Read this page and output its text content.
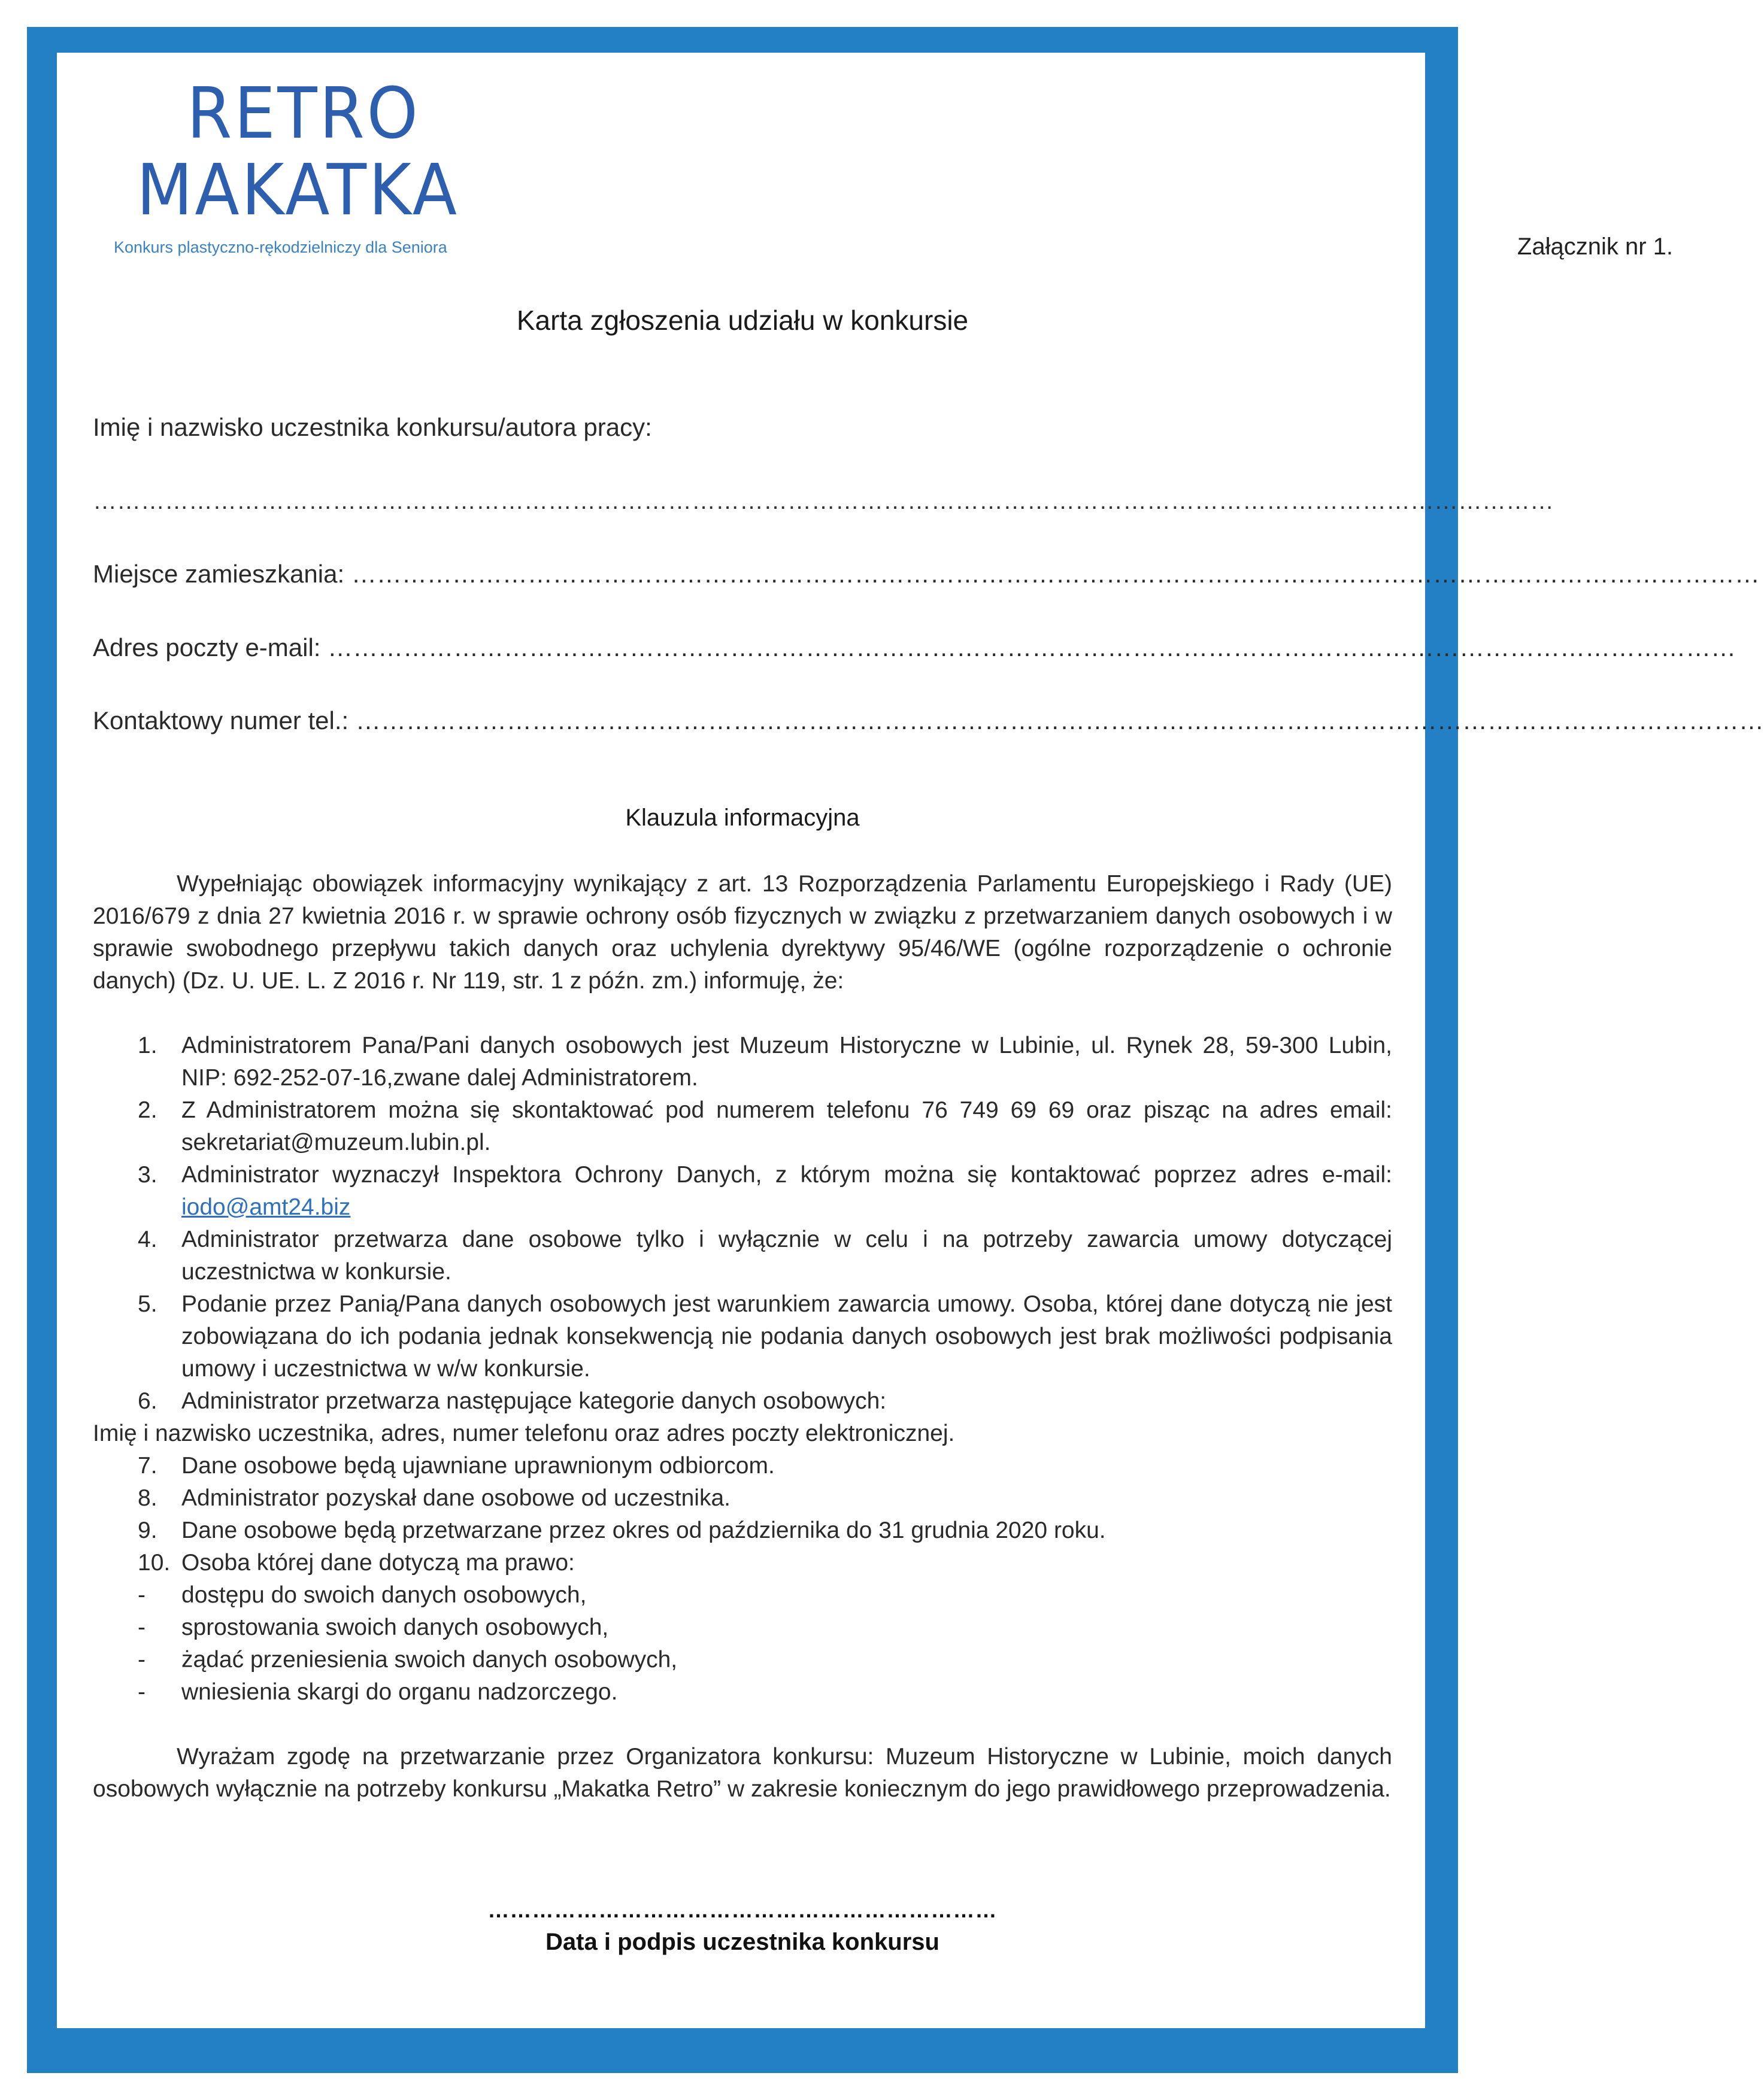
RETRO
MAKATKA
Konkurs plastyczno-rękodzielniczy dla Seniora	Załącznik nr 1.
Karta zgłoszenia udziału w konkursie
Imię i nazwisko uczestnika konkursu/autora pracy:
…………………………………………………………………………………………………………………………………………………………………
Miejsce zamieszkania: ……………………………………………………………………………………………………………………………………………………
Adres poczty e-mail: ……………………………………………………………………………………………………………………………………………………
Kontaktowy numer tel.: ……………………………………………………………………………………………………………………………………………………
Klauzula informacyjna
Wypełniając obowiązek informacyjny wynikający z art. 13 Rozporządzenia Parlamentu Europejskiego i Rady (UE) 2016/679 z dnia 27 kwietnia 2016 r. w sprawie ochrony osób fizycznych w związku z przetwarzaniem danych osobowych i w sprawie swobodnego przepływu takich danych oraz uchylenia dyrektywy 95/46/WE (ogólne rozporządzenie o ochronie danych) (Dz. U. UE. L. Z 2016 r. Nr 119, str. 1 z późn. zm.) informuję, że:
1. Administratorem Pana/Pani danych osobowych jest Muzeum Historyczne w Lubinie, ul. Rynek 28, 59-300 Lubin, NIP: 692-252-07-16,zwane dalej Administratorem.
2. Z Administratorem można się skontaktować pod numerem telefonu 76 749 69 69 oraz pisząc na adres email: sekretariat@muzeum.lubin.pl.
3. Administrator wyznaczył Inspektora Ochrony Danych, z którym można się kontaktować poprzez adres e-mail: iodo@amt24.biz
4. Administrator przetwarza dane osobowe tylko i wyłącznie w celu i na potrzeby zawarcia umowy dotyczącej uczestnictwa w konkursie.
5. Podanie przez Panią/Pana danych osobowych jest warunkiem zawarcia umowy. Osoba, której dane dotyczą nie jest zobowiązana do ich podania jednak konsekwencją nie podania danych osobowych jest brak możliwości podpisania umowy i uczestnictwa w w/w konkursie.
6. Administrator przetwarza następujące kategorie danych osobowych:
Imię i nazwisko uczestnika, adres, numer telefonu oraz adres poczty elektronicznej.
7. Dane osobowe będą ujawniane uprawnionym odbiorcom.
8. Administrator pozyskał dane osobowe od uczestnika.
9. Dane osobowe będą przetwarzane przez okres od października do 31 grudnia 2020 roku.
10. Osoba której dane dotyczą ma prawo:
- dostępu do swoich danych osobowych,
- sprostowania swoich danych osobowych,
- żądać przeniesienia swoich danych osobowych,
- wniesienia skargi do organu nadzorczego.
Wyrażam zgodę na przetwarzanie przez Organizatora konkursu: Muzeum Historyczne w Lubinie, moich danych osobowych wyłącznie na potrzeby konkursu „Makatka Retro” w zakresie koniecznym do jego prawidłowego przeprowadzenia.
……………………………………………………………
Data i podpis uczestnika konkursu
